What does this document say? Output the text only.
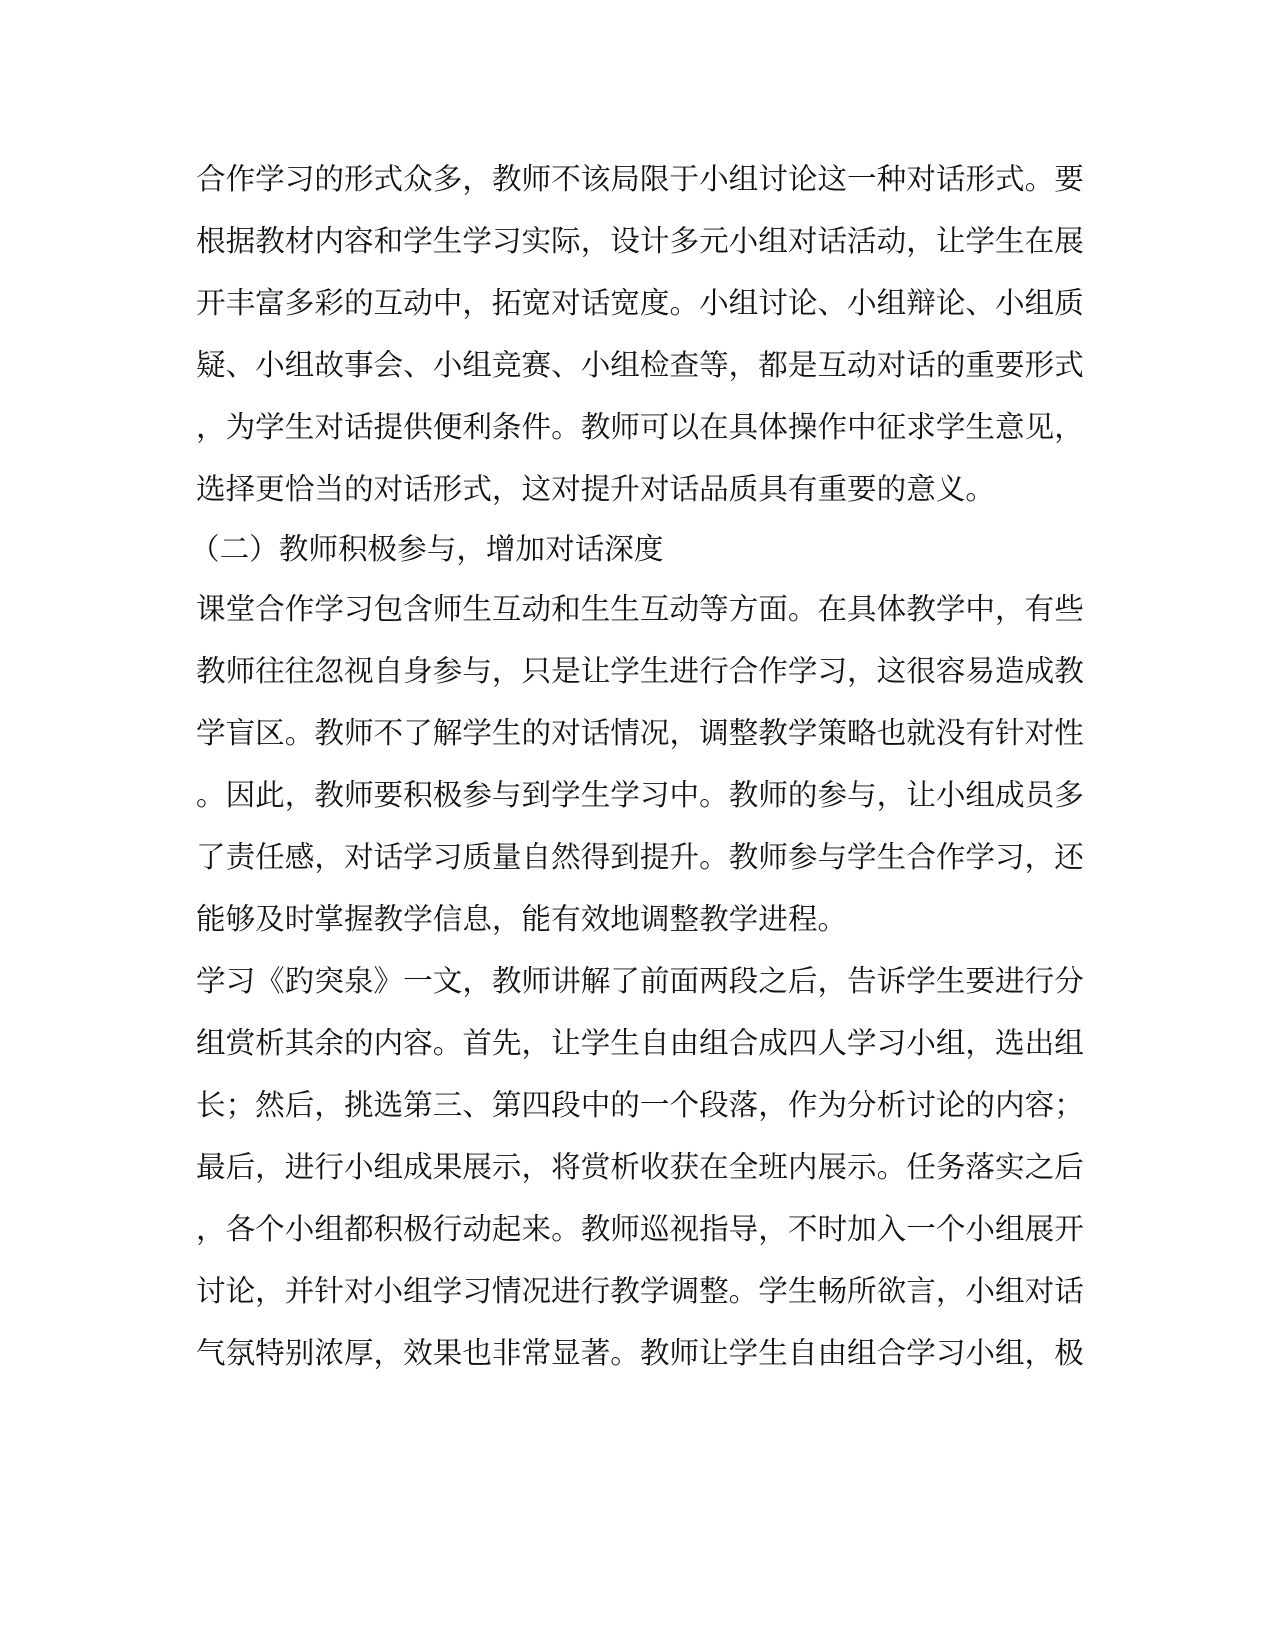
合作学习的形式众多，教师不该局限于小组讨论这一种对话形式。要
根据教材内容和学生学习实际，设计多元小组对话活动，让学生在展
开丰富多彩的互动中，拓宽对话宽度。小组讨论、小组辩论、小组质
疑、小组故事会、小组竞赛、小组检查等，都是互动对话的重要形式
，为学生对话提供便利条件。教师可以在具体操作中征求学生意见，
选择更恰当的对话形式，这对提升对话品质具有重要的意义。
（二）教师积极参与，增加对话深度
课堂合作学习包含师生互动和生生互动等方面。在具体教学中，有些
教师往往忽视自身参与，只是让学生进行合作学习，这很容易造成教
学盲区。教师不了解学生的对话情况，调整教学策略也就没有针对性
。因此，教师要积极参与到学生学习中。教师的参与，让小组成员多
了责任感，对话学习质量自然得到提升。教师参与学生合作学习，还
能够及时掌握教学信息，能有效地调整教学进程。
学习《趵突泉》一文，教师讲解了前面两段之后，告诉学生要进行分
组赏析其余的内容。首先，让学生自由组合成四人学习小组，选出组
长；然后，挑选第三、第四段中的一个段落，作为分析讨论的内容；
最后，进行小组成果展示，将赏析收获在全班内展示。任务落实之后
，各个小组都积极行动起来。教师巡视指导，不时加入一个小组展开
讨论，并针对小组学习情况进行教学调整。学生畅所欲言，小组对话
气氛特别浓厚，效果也非常显著。教师让学生自由组合学习小组，极
